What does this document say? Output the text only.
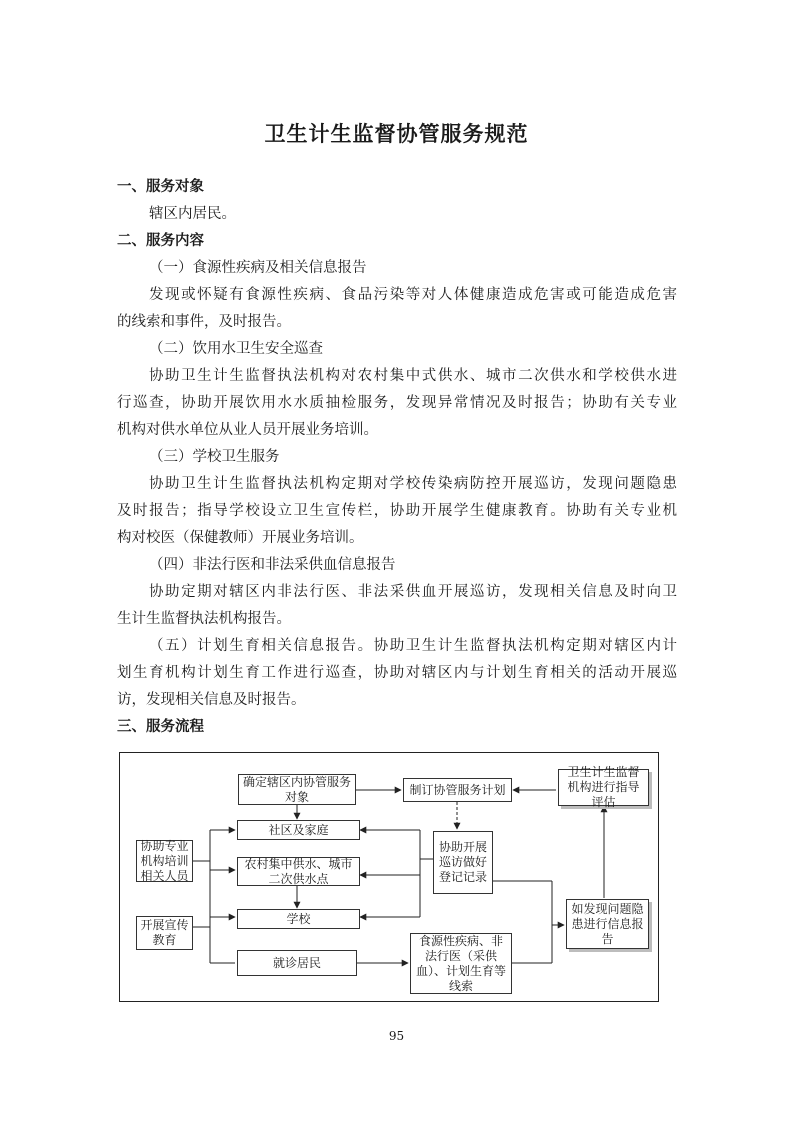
卫生计生监督协管服务规范

一、服务对象

辖区内居民。

二、服务内容

（一）食源性疾病及相关信息报告

发现或怀疑有食源性疾病、食品污染等对人体健康造成危害或可能造成危害

的线索和事件，及时报告。

（二）饮用水卫生安全巡查

协助卫生计生监督执法机构对农村集中式供水、城市二次供水和学校供水进

行巡查，协助开展饮用水水质抽检服务，发现异常情况及时报告；协助有关专业

机构对供水单位从业人员开展业务培训。

（三）学校卫生服务

协助卫生计生监督执法机构定期对学校传染病防控开展巡访，发现问题隐患

及时报告；指导学校设立卫生宣传栏，协助开展学生健康教育。协助有关专业机

构对校医（保健教师）开展业务培训。

（四）非法行医和非法采供血信息报告

协助定期对辖区内非法行医、非法采供血开展巡访，发现相关信息及时向卫

生计生监督执法机构报告。

（五）计划生育相关信息报告。协助卫生计生监督执法机构定期对辖区内计

划生育机构计划生育工作进行巡查，协助对辖区内与计划生育相关的活动开展巡

访，发现相关信息及时报告。

三、服务流程

确定辖区内协管服务对象	制订协管服务计划
卫生计生监督机构进行指导评估
社区及家庭
农村集中供水、城市二次供水点
学校
协助开展巡访做好登记记录
协助专业机构培训相关人员
开展宣传教育
就诊居民
食源性疾病、非法行医（采供血）、计划生育等线索
如发现问题隐患进行信息报告
95
